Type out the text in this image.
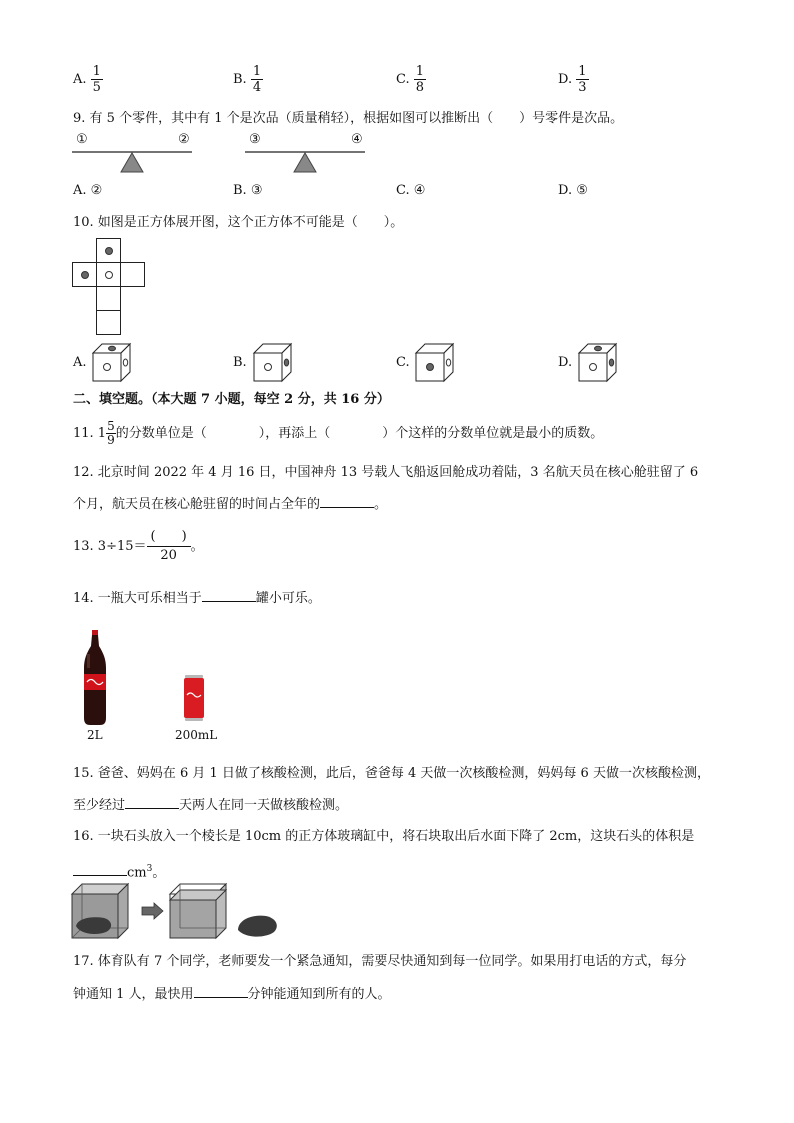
A. $\frac{1}{5}$	B. $\frac{1}{4}$	C. $\frac{1}{8}$	D. $\frac{1}{3}$
9. 有 5 个零件，其中有 1 个是次品（质量稍轻），根据如图可以推断出（　　）号零件是次品。
①	②	③	④
A. ②	B. ③	C. ④	D. ⑤
10. 如图是正方体展开图，这个正方体不可能是（　　）。
A.	B.	C.	D.
二、填空题。（本大题 7 小题，每空 2 分，共 16 分）
11. $1 \frac{5}{9}$ 的分数单位是（　　　　），再添上（　　　　）个这样的分数单位就是最小的质数。
12. 北京时间 2022 年 4 月 16 日，中国神舟 13 号载人飞船返回舱成功着陆，3 名航天员在核心舱驻留了 6
个月，航天员在核心舱驻留的时间占全年的	。
13. $3\div 15= \frac{( )}{20}$ 。
14. 一瓶大可乐相当于	罐小可乐。
2L	200mL
15. 爸爸、妈妈在 6 月 1 日做了核酸检测，此后，爸爸每 4 天做一次核酸检测，妈妈每 6 天做一次核酸检测，
至少经过	天两人在同一天做核酸检测。
16. 一块石头放入一个棱长是 10cm 的正方体玻璃缸中，将石块取出后水面下降了 2cm，这块石头的体积是
$cm^3$。
17. 体育队有 7 个同学，老师要发一个紧急通知，需要尽快通知到每一位同学。如果用打电话的方式，每分
钟通知 1 人，最快用	分钟能通知到所有的人。
